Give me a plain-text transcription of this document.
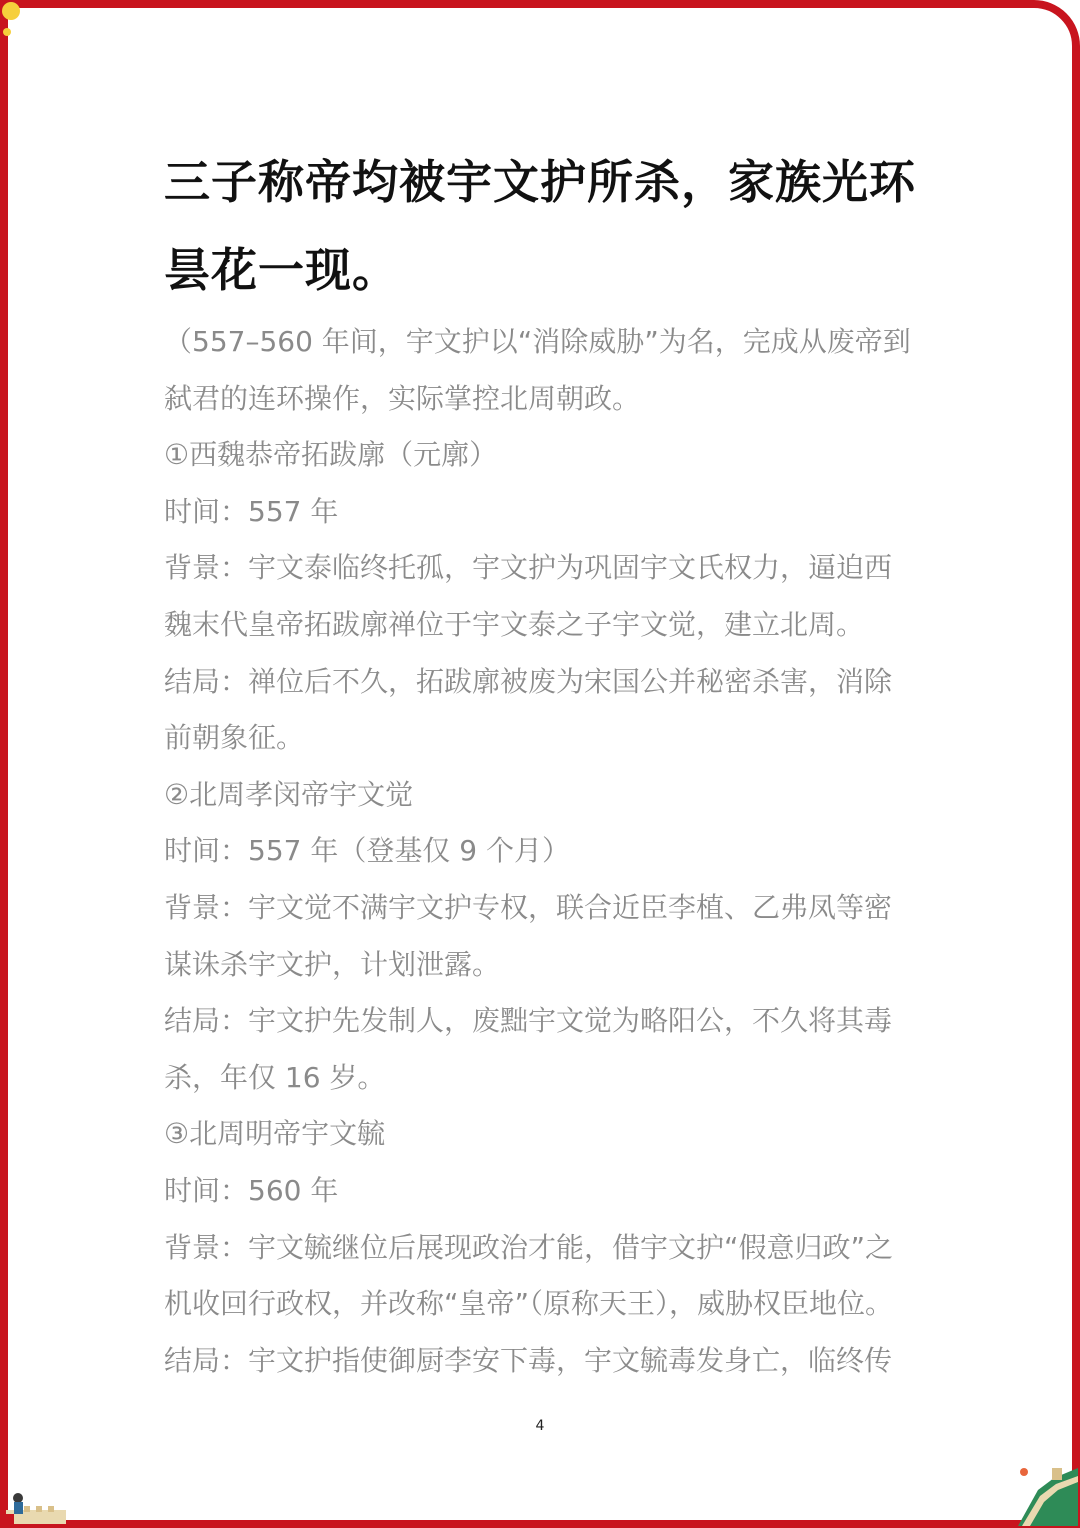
三子称帝均被宇文护所杀，家族光环
昙花一现。

（557–560 年间，宇文护以“消除威胁”为名，完成从废帝到

弑君的连环操作，实际掌控北周朝政。

①西魏恭帝拓跋廓（元廓）

时间：557 年

背景：宇文泰临终托孤，宇文护为巩固宇文氏权力，逼迫西

魏末代皇帝拓跋廓禅位于宇文泰之子宇文觉，建立北周。

结局：禅位后不久，拓跋廓被废为宋国公并秘密杀害，消除

前朝象征。

②北周孝闵帝宇文觉

时间：557 年（登基仅 9 个月）

背景：宇文觉不满宇文护专权，联合近臣李植、乙弗凤等密

谋诛杀宇文护，计划泄露。

结局：宇文护先发制人，废黜宇文觉为略阳公，不久将其毒

杀，年仅 16 岁。

③北周明帝宇文毓

时间：560 年

背景：宇文毓继位后展现政治才能，借宇文护“假意归政”之

机收回行政权，并改称“皇帝”（原称天王），威胁权臣地位。

结局：宇文护指使御厨李安下毒，宇文毓毒发身亡，临终传

4
